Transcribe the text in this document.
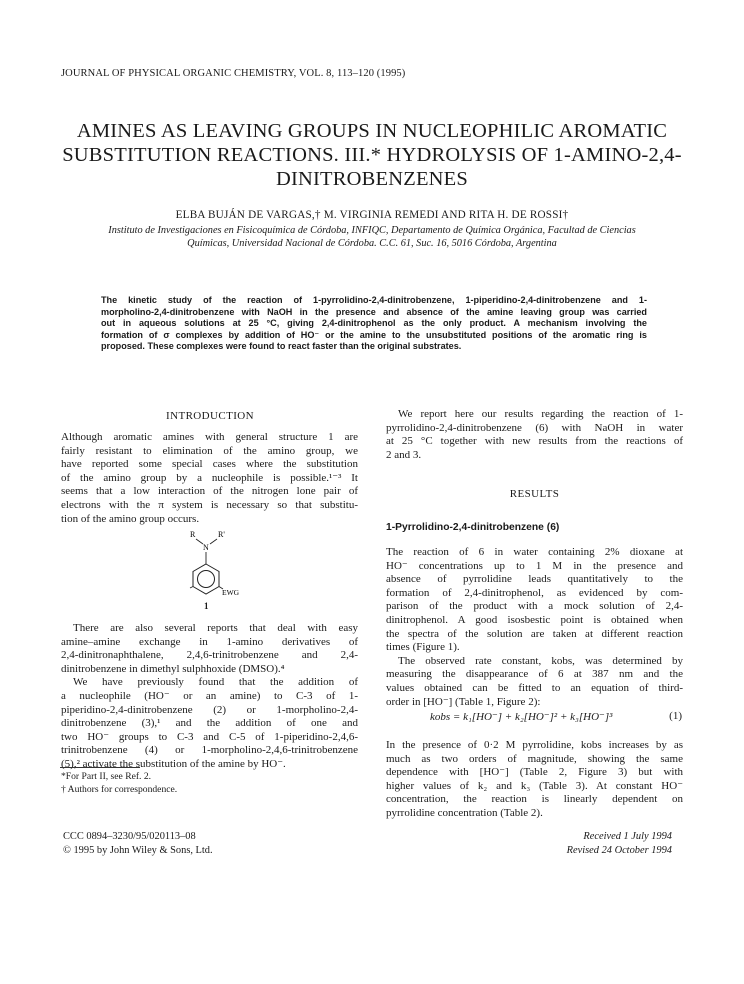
JOURNAL OF PHYSICAL ORGANIC CHEMISTRY, VOL. 8, 113–120 (1995)
AMINES AS LEAVING GROUPS IN NUCLEOPHILIC AROMATIC
SUBSTITUTION REACTIONS. III.* HYDROLYSIS OF 1-AMINO-2,4-
DINITROBENZENES
ELBA BUJÁN DE VARGAS,† M. VIRGINIA REMEDI AND RITA H. DE ROSSI†
Instituto de Investigaciones en Fisicoquímica de Córdoba, INFIQC, Departamento de Química Orgánica, Facultad de Ciencias
Químicas, Universidad Nacional de Córdoba. C.C. 61, Suc. 16, 5016 Córdoba, Argentina
The kinetic study of the reaction of 1-pyrrolidino-2,4-dinitrobenzene, 1-piperidino-2,4-dinitrobenzene and 1-
morpholino-2,4-dinitrobenzene with NaOH in the presence and absence of the amine leaving group was carried
out in aqueous solutions at 25 °C, giving 2,4-dinitrophenol as the only product. A mechanism involving the
formation of σ complexes by addition of HO⁻ or the amine to the unsubstituted positions of the aromatic ring is
proposed. These complexes were found to react faster than the original substrates.
INTRODUCTION
Although aromatic amines with general structure 1 are
fairly resistant to elimination of the amino group, we
have reported some special cases where the substitution
of the amino group by a nucleophile is possible.¹⁻³ It
seems that a low interaction of the nitrogen lone pair of
electrons with the π system is necessary so that substitu-
tion of the amino group occurs.
R	R'
N
EWG
1
There are also several reports that deal with easy
amine–amine exchange in 1-amino derivatives of
2,4-dinitronaphthalene, 2,4,6-trinitrobenzene and 2,4-
dinitrobenzene in dimethyl sulphhoxide (DMSO).⁴
We have previously found that the addition of
a nucleophile (HO⁻ or an amine) to C-3 of 1-
piperidino-2,4-dinitrobenzene (2) or 1-morpholino-2,4-
dinitrobenzene (3),¹ and the addition of one and
two HO⁻ groups to C-3 and C-5 of 1-piperidino-2,4,6-
trinitrobenzene (4) or 1-morpholino-2,4,6-trinitrobenzene
(5),² activate the substitution of the amine by HO⁻.
*For Part II, see Ref. 2.
† Authors for correspondence.
CCC 0894–3230/95/020113–08
© 1995 by John Wiley & Sons, Ltd.
We report here our results regarding the reaction of 1-
pyrrolidino-2,4-dinitrobenzene (6) with NaOH in water
at 25 °C together with new results from the reactions of
2 and 3.
RESULTS
1-Pyrrolidino-2,4-dinitrobenzene (6)
The reaction of 6 in water containing 2% dioxane at
HO⁻ concentrations up to 1 M in the presence and
absence of pyrrolidine leads quantitatively to the
formation of 2,4-dinitrophenol, as evidenced by com-
parison of the product with a mock solution of 2,4-
dinitrophenol. A good isosbestic point is obtained when
the spectra of the solution are taken at different reaction
times (Figure 1).
The observed rate constant, kobs, was determined by
measuring the disappearance of 6 at 387 nm and the
values obtained can be fitted to an equation of third-
order in [HO⁻] (Table 1, Figure 2):
kobs = k₁[HO⁻] + k₂[HO⁻]² + k₃[HO⁻]³	(1)
In the presence of 0·2 M pyrrolidine, kobs increases by as
much as two orders of magnitude, showing the same
dependence with [HO⁻] (Table 2, Figure 3) but with
higher values of k₂ and k₃ (Table 3). At constant HO⁻
concentration, the reaction is linearly dependent on
pyrrolidine concentration (Table 2).
Received 1 July 1994
Revised 24 October 1994
